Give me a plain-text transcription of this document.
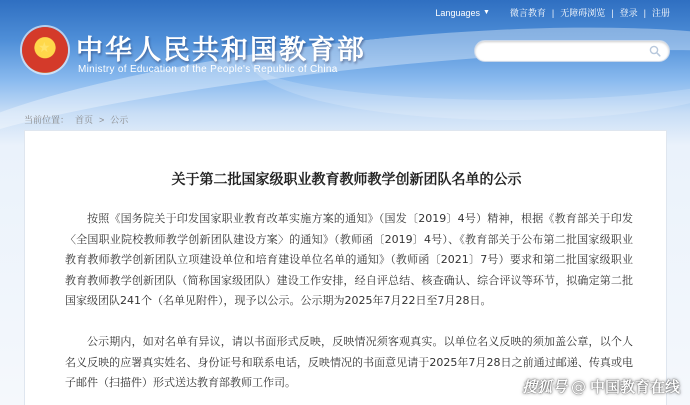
★ 中华人民共和国教育部
Ministry of Education of the People's Republic of China
Languages ▼	微言教育 | 无障碍浏览 | 登录 | 注册
当前位置： 首页 > 公示
关于第二批国家级职业教育教师教学创新团队名单的公示
按照《国务院关于印发国家职业教育改革实施方案的通知》（国发〔2019〕4号）精神，根据《教育部关于印发〈全国职业院校教师教学创新团队建设方案〉的通知》（教师函〔2019〕4号）、《教育部关于公布第二批国家级职业教育教师教学创新团队立项建设单位和培育建设单位名单的通知》（教师函〔2021〕7号）要求和第二批国家级职业教育教师教学创新团队（简称国家级团队）建设工作安排，经自评总结、核查确认、综合评议等环节，拟确定第二批国家级团队241个（名单见附件），现予以公示。公示期为2025年7月22日至7月28日。
公示期内，如对名单有异议，请以书面形式反映，反映情况须客观真实。以单位名义反映的须加盖公章，以个人名义反映的应署真实姓名、身份证号和联系电话，反映情况的书面意见请于2025年7月28日之前通过邮递、传真或电子邮件（扫描件）形式送达教育部教师工作司。	搜狐号 @ 中国教育在线
